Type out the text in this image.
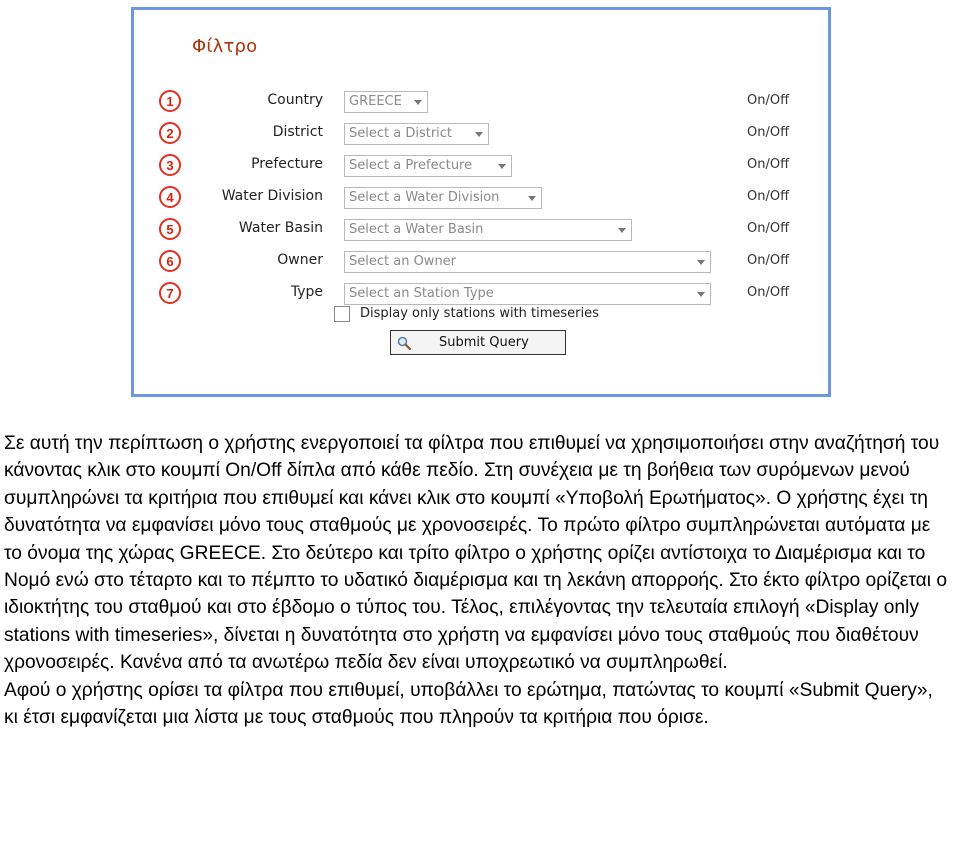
Φίλτρο
1	Country	GREECE	On/Off
2	District	Select a District	On/Off
3	Prefecture	Select a Prefecture	On/Off
4	Water Division	Select a Water Division	On/Off
5	Water Basin	Select a Water Basin	On/Off
6	Owner	Select an Owner	On/Off
7	Type	Select an Station Type	On/Off
Display only stations with timeseries
Submit Query

Σε αυτή την περίπτωση ο χρήστης ενεργοποιεί τα φίλτρα που επιθυμεί να χρησιμοποιήσει στην αναζήτησή του κάνοντας κλικ στο κουμπί On/Off δίπλα από κάθε πεδίο. Στη συνέχεια με τη βοήθεια των συρόμενων μενού συμπληρώνει τα κριτήρια που επιθυμεί και κάνει κλικ στο κουμπί «Υποβολή Ερωτήματος». Ο χρήστης έχει τη δυνατότητα να εμφανίσει μόνο τους σταθμούς με χρονοσειρές. Το πρώτο φίλτρο συμπληρώνεται αυτόματα με το όνομα της χώρας GREECE. Στο δεύτερο και τρίτο φίλτρο ο χρήστης ορίζει αντίστοιχα το Διαμέρισμα και το Νομό ενώ στο τέταρτο και το πέμπτο το υδατικό διαμέρισμα και τη λεκάνη απορροής. Στο έκτο φίλτρο ορίζεται ο ιδιοκτήτης του σταθμού και στο έβδομο ο τύπος του. Τέλος, επιλέγοντας την τελευταία επιλογή «Display only stations with timeseries», δίνεται η δυνατότητα στο χρήστη να εμφανίσει μόνο τους σταθμούς που διαθέτουν χρονοσειρές. Κανένα από τα ανωτέρω πεδία δεν είναι υποχρεωτικό να συμπληρωθεί.

Αφού ο χρήστης ορίσει τα φίλτρα που επιθυμεί, υποβάλλει το ερώτημα, πατώντας το κουμπί «Submit Query», κι έτσι εμφανίζεται μια λίστα με τους σταθμούς που πληρούν τα κριτήρια που όρισε.
